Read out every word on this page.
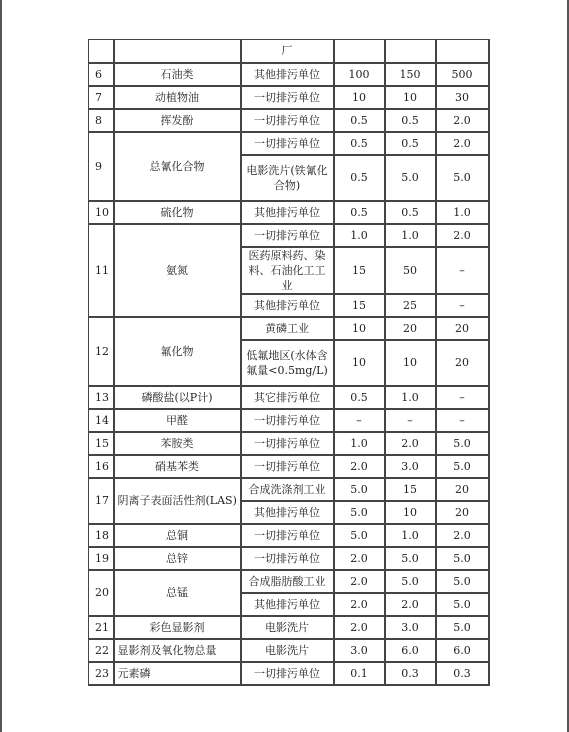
		厂			
6	石油类	其他排污单位	100	150	500
7	动植物油	一切排污单位	10	10	30
8	挥发酚	一切排污单位	0.5	0.5	2.0
9	总氰化合物	一切排污单位	0.5	0.5	2.0
		电影洗片(铁氰化合物)	0.5	5.0	5.0
10	硫化物	其他排污单位	0.5	0.5	1.0
11	氨氮	一切排污单位	1.0	1.0	2.0
		医药原料药、染料、石油化工工业	15	50	–
		其他排污单位	15	25	–
12	氟化物	黄磷工业	10	20	20
		低氟地区(水体含氟量<0.5mg/L)	10	10	20
13	磷酸盐(以P计)	其它排污单位	0.5	1.0	–
14	甲醛	一切排污单位	–	–	–
15	苯胺类	一切排污单位	1.0	2.0	5.0
16	硝基苯类	一切排污单位	2.0	3.0	5.0
17	阴离子表面活性剂(LAS)	合成洗涤剂工业	5.0	15	20
		其他排污单位	5.0	10	20
18	总铜	一切排污单位	5.0	1.0	2.0
19	总锌	一切排污单位	2.0	5.0	5.0
20	总锰	合成脂肪酸工业	2.0	5.0	5.0
		其他排污单位	2.0	2.0	5.0
21	彩色显影剂	电影洗片	2.0	3.0	5.0
22	显影剂及氧化物总量	电影洗片	3.0	6.0	6.0
23	元素磷	一切排污单位	0.1	0.3	0.3
